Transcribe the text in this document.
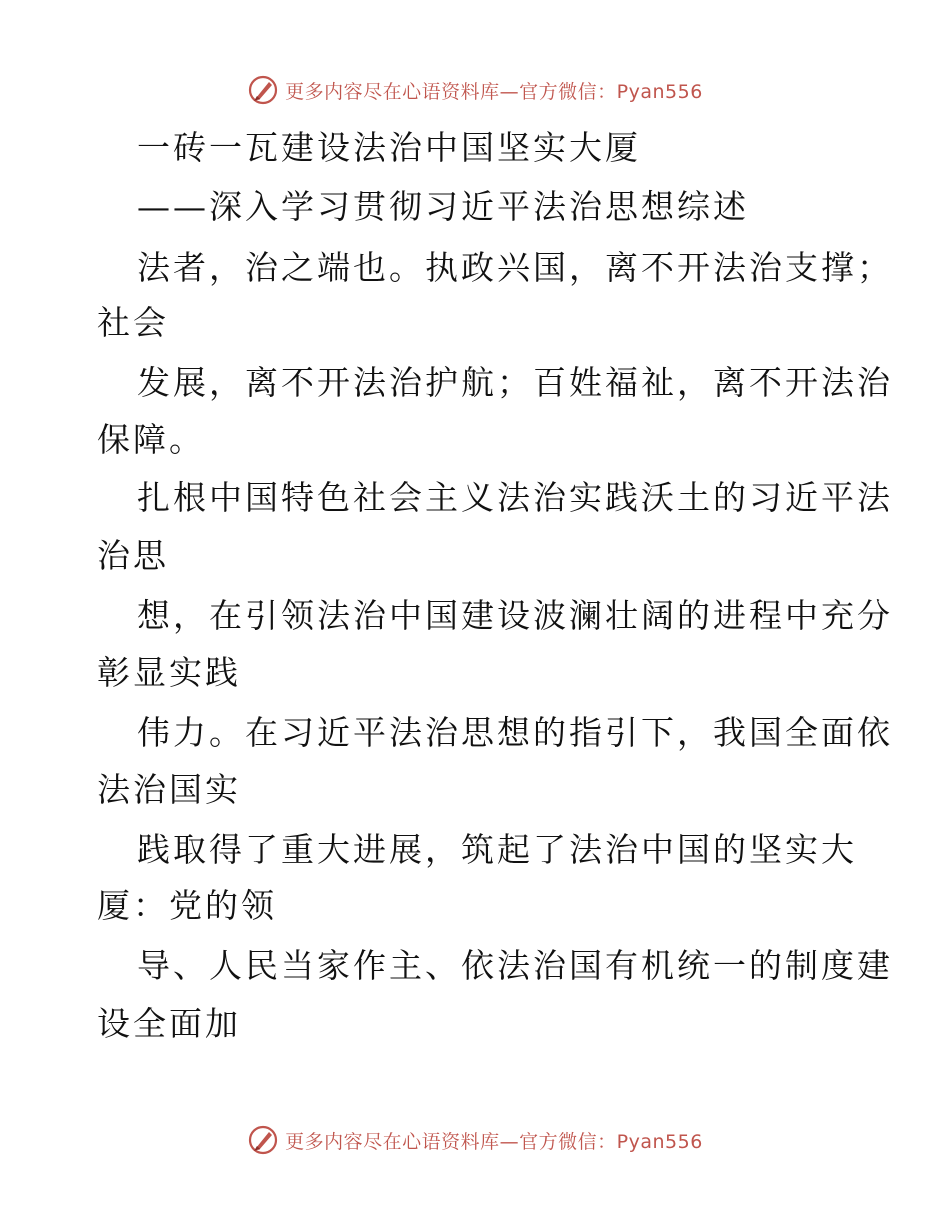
更多内容尽在心语资料库—官方微信：Pyan556
一砖一瓦建设法治中国坚实大厦
——深入学习贯彻习近平法治思想综述
法者，治之端也。执政兴国，离不开法治支撑；
社会
发展，离不开法治护航；百姓福祉，离不开法治
保障。
扎根中国特色社会主义法治实践沃土的习近平法
治思
想，在引领法治中国建设波澜壮阔的进程中充分
彰显实践
伟力。在习近平法治思想的指引下，我国全面依
法治国实
践取得了重大进展，筑起了法治中国的坚实大
厦：党的领
导、人民当家作主、依法治国有机统一的制度建
设全面加
更多内容尽在心语资料库—官方微信：Pyan556
